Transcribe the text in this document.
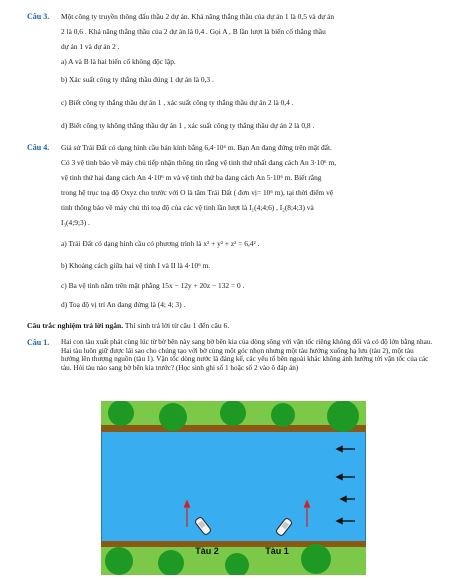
Câu 3. Một công ty truyền thông đấu thầu 2 dự án. Khả năng thắng thầu của dự án 1 là 0,5 và dự án
2 là 0,6 . Khả năng thắng thầu của 2 dự án là 0,4 . Gọi A , B lần lượt là biến cố thắng thầu
dự án 1 và dự án 2 .
a) A và B là hai biến cố không độc lập.
b) Xác suất công ty thắng thầu đúng 1 dự án là 0,3 .
c) Biết công ty thắng thầu dự án 1 , xác suất công ty thắng thầu dự án 2 là 0,4 .
d) Biết công ty không thắng thầu dự án 1 , xác suất công ty thắng thầu dự án 2 là 0,8 .
Câu 4. Giả sử Trái Đất có dạng hình cầu bán kính bằng 6,4·10⁶ m. Bạn An đang đứng trên mặt đất.
Có 3 vệ tinh báo về máy chủ tiếp nhận thông tin rằng vệ tinh thứ nhất đang cách An 3·10⁶ m,
vệ tinh thứ hai đang cách An 4·10⁶ m và vệ tinh thứ ba đang cách An 5·10⁶ m. Biết rằng
trong hệ trục toạ độ Oxyz cho trước với O là tâm Trái Đất ( đơn vị= 10⁶ m), tại thời điểm vệ
tinh thông báo về máy chủ thì toạ độ của các vệ tinh lần lượt là I₁(4;4;6) , I₂(8;4;3) và
I₃(4;9;3) .
a) Trái Đất có dạng hình cầu có phương trình là x² + y² + z² = 6,4² .
b) Khoảng cách giữa hai vệ tinh I và II là 4·10⁶ m.
c) Ba vệ tinh nằm trên mặt phẳng 15x − 12y + 20z − 132 = 0 .
d) Toạ độ vị trí An đang đứng là (4; 4; 3) .
Câu trắc nghiệm trả lời ngắn. Thí sinh trả lời từ câu 1 đến câu 6.
Câu 1. Hai con tàu xuất phát cùng lúc từ bờ bên này sang bờ bên kia của dòng sông với vận tốc riêng không đổi và có độ lớn bằng nhau. Hai tàu luôn giữ được lái sao cho chúng tạo với bờ cùng một góc nhọn nhưng một tàu hướng xuống hạ lưu (tàu 2), một tàu hướng lên thượng nguồn (tàu 1). Vận tốc dòng nước là đáng kể, các yếu tố bên ngoài khác không ảnh hưởng tới vận tốc của các tàu. Hỏi tàu nào sang bờ bên kia trước? (Học sinh ghi số 1 hoặc số 2 vào ô đáp án)
Tàu 2	Tàu 1
